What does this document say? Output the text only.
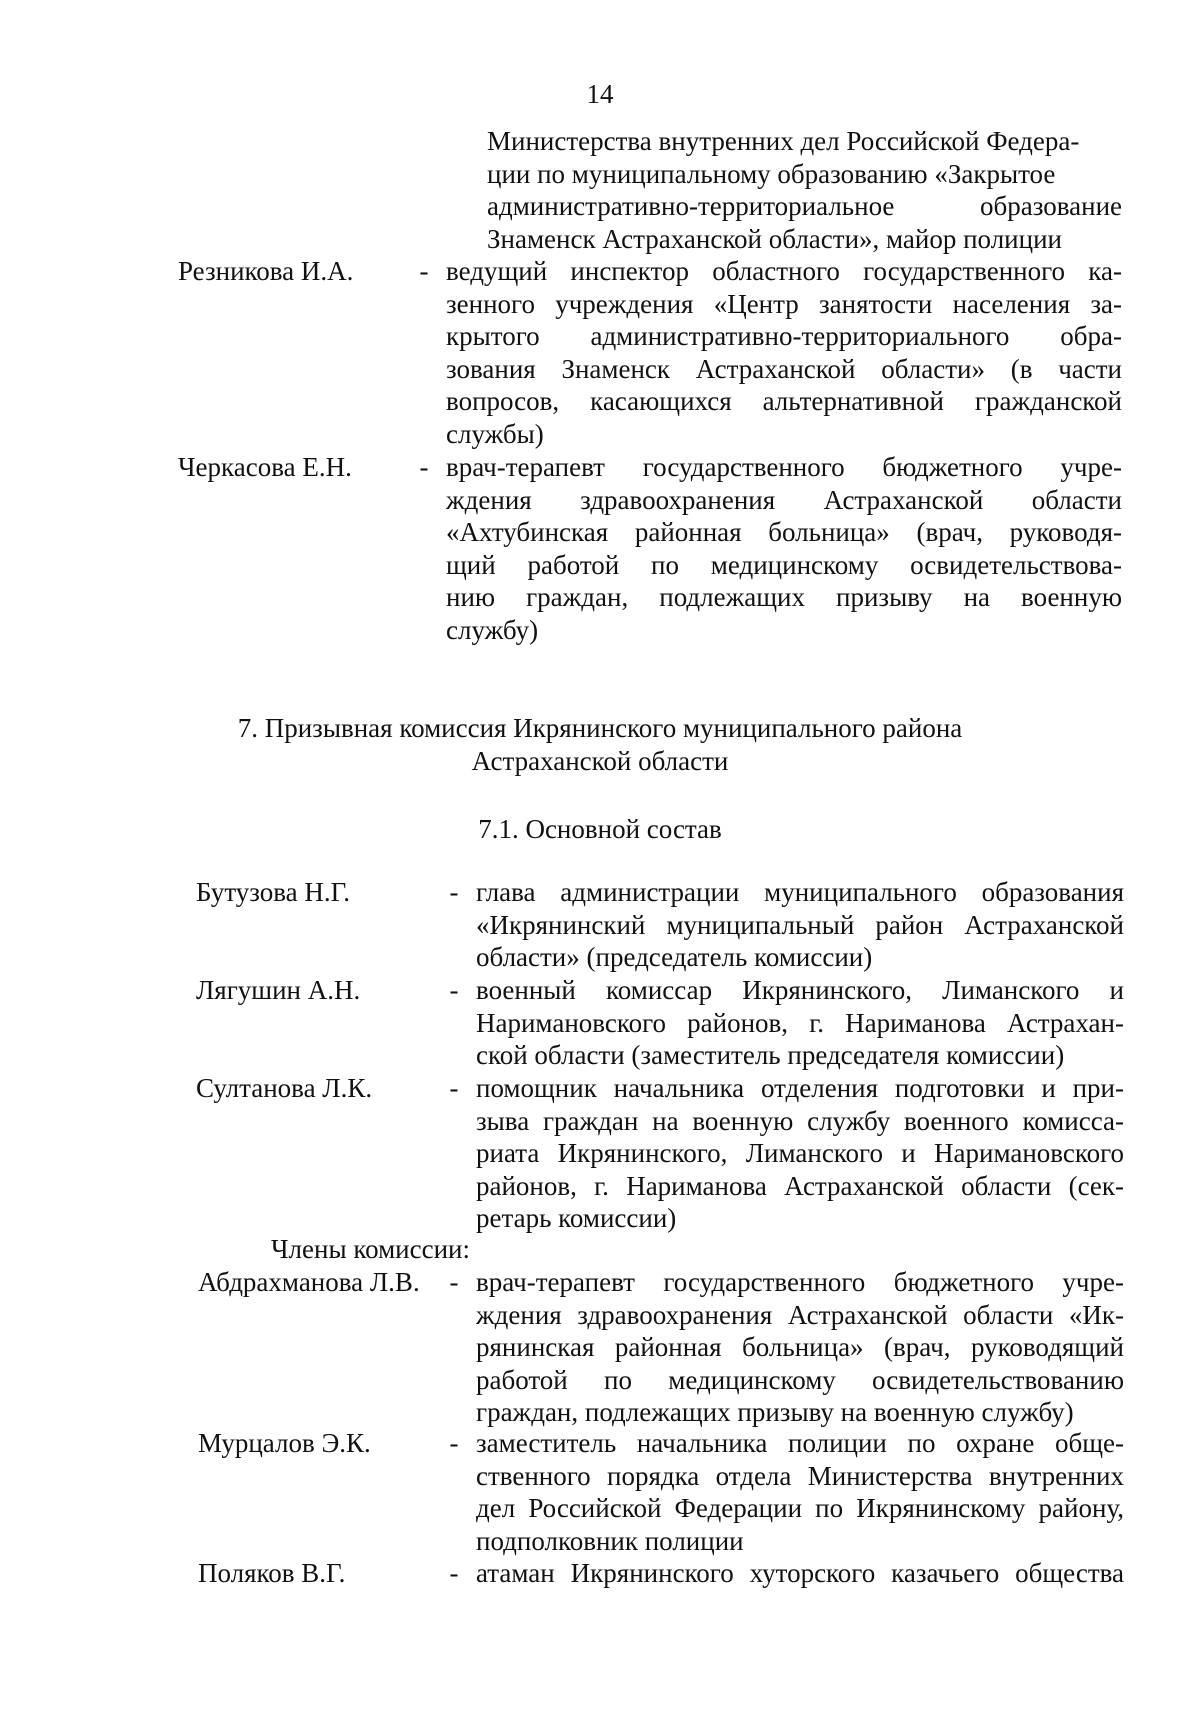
14
Министерства внутренних дел Российской Федера-
ции по муниципальному образованию «Закрытое
административно-территориальное образование
Знаменск Астраханской области», майор полиции
Резникова И.А. - ведущий инспектор областного государственного ка-
зенного учреждения «Центр занятости населения за-
крытого административно-территориального обра-
зования Знаменск Астраханской области» (в части
вопросов, касающихся альтернативной гражданской
службы)
Черкасова Е.Н.	- врач-терапевт государственного бюджетного учре-
ждения здравоохранения Астраханской области
«Ахтубинская районная больница» (врач, руководя-
щий работой по медицинскому освидетельствова-
нию граждан, подлежащих призыву на военную
службу)
7. Призывная комиссия Икрянинского муниципального района
Астраханской области
7.1. Основной состав
Бутузова Н.Г.	- глава администрации муниципального образования
«Икрянинский муниципальный район Астраханской
области» (председатель комиссии)
Лягушин А.Н.	- военный комиссар Икрянинского, Лиманского и
Наримановского районов, г. Нариманова Астрахан-
ской области (заместитель председателя комиссии)
Султанова Л.К.	- помощник начальника отделения подготовки и при-
зыва граждан на военную службу военного комисса-
риата Икрянинского, Лиманского и Наримановского
районов, г. Нариманова Астраханской области (сек-
ретарь комиссии)
Члены комиссии:
Абдрахманова Л.В. - врач-терапевт государственного бюджетного учре-
ждения здравоохранения Астраханской области «Ик-
рянинская районная больница» (врач, руководящий
работой по медицинскому освидетельствованию
граждан, подлежащих призыву на военную службу)
Мурцалов Э.К.	- заместитель начальника полиции по охране обще-
ственного порядка отдела Министерства внутренних
дел Российской Федерации по Икрянинскому району,
подполковник полиции
Поляков В.Г.	- атаман Икрянинского хуторского казачьего общества
